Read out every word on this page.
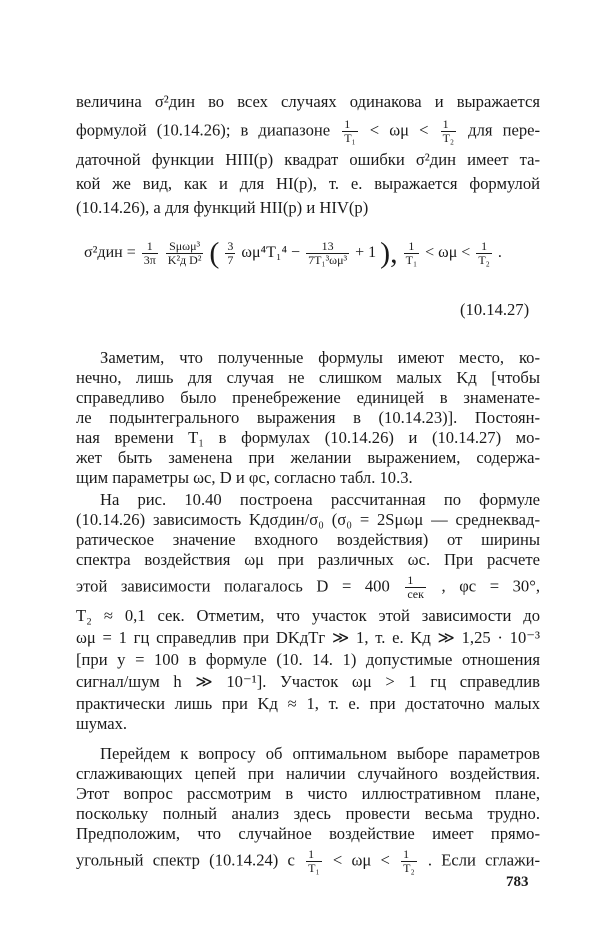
величина σ²дин во всех случаях одинакова и выражается
формулой (10.14.26); в диапазоне $\frac{1}{\text{T₁}} < \omega\mu < \frac{1}{\text{T₂}}$ для пере-
даточной функции HIII(p) квадрат ошибки σ²дин имеет та-
кой же вид, как и для HI(p), т. е. выражается формулой
(10.14.26), а для функций HII(p) и HIV(p)
$\sigma^2дин = \frac{1}{3\pi}$
$\frac{\text{Sμωμ³}}{\text{K²д D²}}$ ( $\frac{3}{7} \omega\mu^4T_1^4 - \frac{13}{\text{7T₁³ωμ³}} + 1$ ), $\frac{1}{\text{T₁}} < \omega\mu < \frac{1}{\text{T₂}}$ .
(10.14.27)
Заметим, что полученные формулы имеют место, ко-
нечно, лишь для случая не слишком малых Kд [чтобы
справедливо было пренебрежение единицей в знаменате-
ле подынтегрального выражения в (10.14.23)]. Постоян-
ная времени T₁ в формулах (10.14.26) и (10.14.27) мо-
жет быть заменена при желании выражением, содержа-
щим параметры ωc, D и φc, согласно табл. 10.3.
На рис. 10.40 построена рассчитанная по формуле
(10.14.26) зависимость Kдσдин/σ₀ (σ₀ = 2Sμωμ — среднеквад-
ратическое значение входного воздействия) от ширины
спектра воздействия ωμ при различных ωc. При расчете
этой зависимости полагалось $D = 400 \frac{1}{\text{сек}}$ , φc = 30°,
T₂ ≈ 0,1 сек. Отметим, что участок этой зависимости до
ωμ = 1 гц справедлив при DKдTг ≫ 1, т. е. Kд ≫ 1,25 · 10⁻³
[при y = 100 в формуле (10. 14. 1) допустимые отношения
сигнал/шум h ≫ 10⁻¹]. Участок ωμ > 1 гц справедлив
практически лишь при Kд ≈ 1, т. е. при достаточно малых
шумах.
Перейдем к вопросу об оптимальном выборе параметров
сглаживающих цепей при наличии случайного воздействия.
Этот вопрос рассмотрим в чисто иллюстративном плане,
поскольку полный анализ здесь провести весьма трудно.
Предположим, что случайное воздействие имеет прямо-
угольный спектр (10.14.24) с $\frac{1}{\text{T₁}} < \omega\mu < \frac{1}{\text{T₂}}$ . Если сглажи-
783
